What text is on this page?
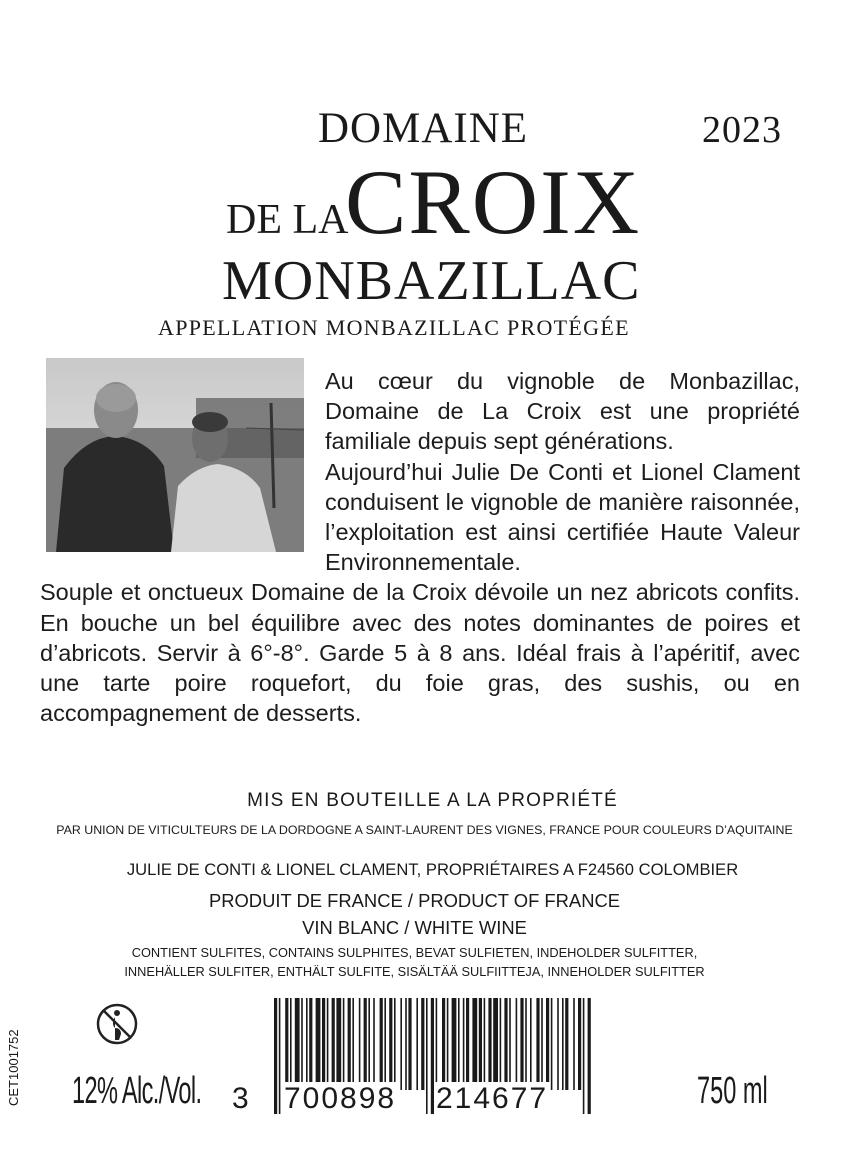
DOMAINE	2023
DE LA
CROIX
MONBAZILLAC
APPELLATION MONBAZILLAC PROTÉGÉE

Au cœur du vignoble de Monbazillac, Domaine de La Croix est une propriété familiale depuis sept générations.

Aujourd’hui Julie De Conti et Lionel Clament conduisent le vignoble de manière raisonnée, l’exploitation est ainsi certifiée Haute Valeur Environnementale.

Souple et onctueux Domaine de la Croix dévoile un nez abricots confits. En bouche un bel équilibre avec des notes dominantes de poires et d’abricots. Servir à 6°-8°. Garde 5 à 8 ans. Idéal frais à l’apéritif, avec une tarte poire roquefort, du foie gras, des sushis, ou en accompagnement de desserts.

MIS EN BOUTEILLE A LA PROPRIÉTÉ
PAR UNION DE VITICULTEURS DE LA DORDOGNE A SAINT-LAURENT DES VIGNES, FRANCE POUR COULEURS D’AQUITAINE
JULIE DE CONTI & LIONEL CLAMENT, PROPRIÉTAIRES A F24560 COLOMBIER
PRODUIT DE FRANCE / PRODUCT OF FRANCE
VIN BLANC / WHITE WINE
CONTIENT SULFITES, CONTAINS SULPHITES, BEVAT SULFIETEN, INDEHOLDER SULFITTER,
INNEHÄLLER SULFITER, ENTHÄLT SULFITE, SISÄLTÄÄ SULFIITTEJA, INNEHOLDER SULFITTER
CET1001752 12% Alc./Vol. 3 700898 214677	750 ml
